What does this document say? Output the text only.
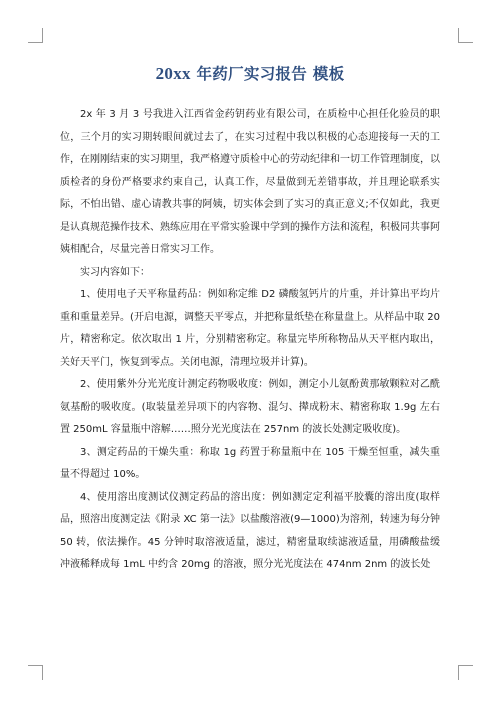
20xx 年药厂实习报告 模板

2x 年 3 月 3 号我进入江西省金药钥药业有限公司，在质检中心担任化验员的职位，三个月的实习期转眼间就过去了，在实习过程中我以积极的心态迎接每一天的工作，在刚刚结束的实习期里，我严格遵守质检中心的劳动纪律和一切工作管理制度，以质检者的身份严格要求约束自己，认真工作，尽量做到无差错事故，并且理论联系实际，不怕出错、虚心请教共事的阿姨，切实体会到了实习的真正意义;不仅如此，我更是认真规范操作技术、熟练应用在平常实验课中学到的操作方法和流程，积极同共事阿姨相配合，尽量完善日常实习工作。

实习内容如下：

1、使用电子天平称量药品：例如称定维 D2 磷酸氢钙片的片重，并计算出平均片重和重量差异。(开启电源，调整天平零点，并把称量纸垫在称量盘上。从样品中取 20 片，精密称定。依次取出 1 片，分别精密称定。称量完毕所称物品从天平框内取出，关好天平门，恢复到零点。关闭电源，清理垃圾并计算)。

2、使用紫外分光光度计测定药物吸收度：例如，测定小儿氨酚黄那敏颗粒对乙酰氨基酚的吸收度。(取装量差异项下的内容物、混匀、撵成粉末、精密称取 1.9g 左右置 250mL 容量瓶中溶解……照分光光度法在 257nm 的波长处测定吸收度)。

3、测定药品的干燥失重：称取 1g 药置于称量瓶中在 105 干燥至恒重，减失重量不得超过 10%。

4、使用溶出度测试仪测定药品的溶出度：例如测定定利福平胶囊的溶出度(取样品，照溶出度测定法《附录 XC 第一法》以盐酸溶液(9—1000)为溶剂，转速为每分钟 50 转，依法操作。45 分钟时取溶液适量，滤过，精密量取续滤液适量，用磷酸盐缓冲液稀释成每 1mL 中约含 20mg 的溶液，照分光光度法在 474nm 2nm 的波长处
